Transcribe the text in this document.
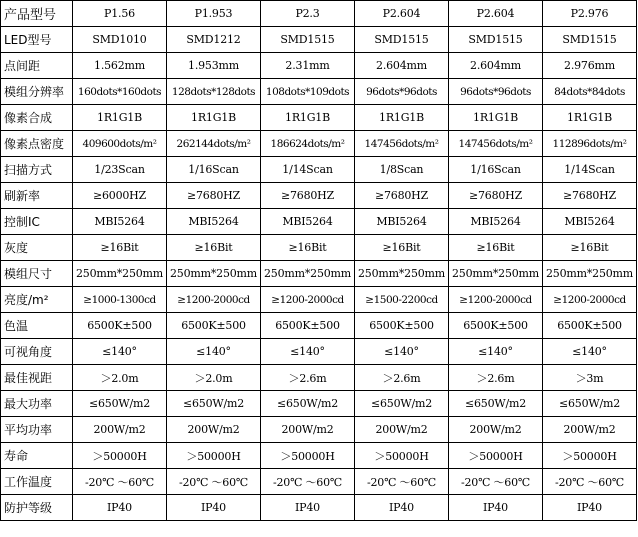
产品型号	P1.56	P1.953	P2.3	P2.604	P2.604	P2.976
LED型号	SMD1010	SMD1212	SMD1515	SMD1515	SMD1515	SMD1515
点间距	1.562mm	1.953mm	2.31mm	2.604mm	2.604mm	2.976mm
模组分辨率	160dots*160dots	128dots*128dots	108dots*109dots	96dots*96dots	96dots*96dots	84dots*84dots
像素合成	1R1G1B	1R1G1B	1R1G1B	1R1G1B	1R1G1B	1R1G1B
像素点密度	409600dots/m²	262144dots/m²	186624dots/m²	147456dots/m²	147456dots/m²	112896dots/m²
扫描方式	1/23Scan	1/16Scan	1/14Scan	1/8Scan	1/16Scan	1/14Scan
刷新率	≥6000HZ	≥7680HZ	≥7680HZ	≥7680HZ	≥7680HZ	≥7680HZ
控制IC	MBI5264	MBI5264	MBI5264	MBI5264	MBI5264	MBI5264
灰度	≥16Bit	≥16Bit	≥16Bit	≥16Bit	≥16Bit	≥16Bit
模组尺寸	250mm*250mm	250mm*250mm	250mm*250mm	250mm*250mm	250mm*250mm	250mm*250mm
亮度/m²	≥1000-1300cd	≥1200-2000cd	≥1200-2000cd	≥1500-2200cd	≥1200-2000cd	≥1200-2000cd
色温	6500K±500	6500K±500	6500K±500	6500K±500	6500K±500	6500K±500
可视角度	≤140°	≤140°	≤140°	≤140°	≤140°	≤140°
最佳视距	＞2.0m	＞2.0m	＞2.6m	＞2.6m	＞2.6m	＞3m
最大功率	≤650W/m2	≤650W/m2	≤650W/m2	≤650W/m2	≤650W/m2	≤650W/m2
平均功率	200W/m2	200W/m2	200W/m2	200W/m2	200W/m2	200W/m2
寿命	＞50000H	＞50000H	＞50000H	＞50000H	＞50000H	＞50000H
工作温度	-20℃ ～60℃	-20℃ ～60℃	-20℃ ～60℃	-20℃ ～60℃	-20℃ ～60℃	-20℃ ～60℃
防护等级	IP40	IP40	IP40	IP40	IP40	IP40
